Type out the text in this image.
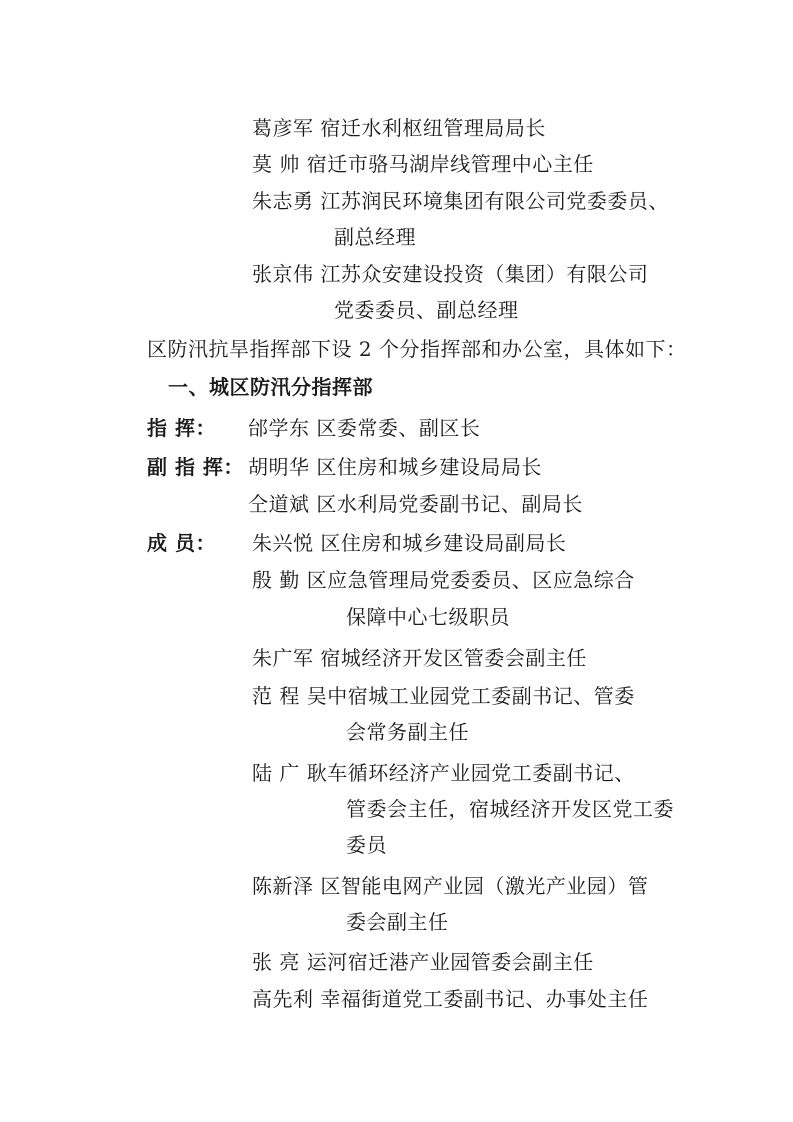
葛彦军 宿迁水利枢纽管理局局长
莫 帅 宿迁市骆马湖岸线管理中心主任
朱志勇 江苏润民环境集团有限公司党委委员、
副总经理
张京伟 江苏众安建设投资（集团）有限公司
党委委员、副总经理
区防汛抗旱指挥部下设 2 个分指挥部和办公室，具体如下：
一、城区防汛分指挥部
指 挥： 邰学东 区委常委、副区长
副 指 挥： 胡明华 区住房和城乡建设局局长
仝道斌 区水利局党委副书记、副局长
成 员： 朱兴悦 区住房和城乡建设局副局长
殷 勤 区应急管理局党委委员、区应急综合
保障中心七级职员
朱广军 宿城经济开发区管委会副主任
范 程 吴中宿城工业园党工委副书记、管委
会常务副主任
陆 广 耿车循环经济产业园党工委副书记、
管委会主任，宿城经济开发区党工委
委员
陈新泽 区智能电网产业园（激光产业园）管
委会副主任
张 亮 运河宿迁港产业园管委会副主任
高先利 幸福街道党工委副书记、办事处主任
